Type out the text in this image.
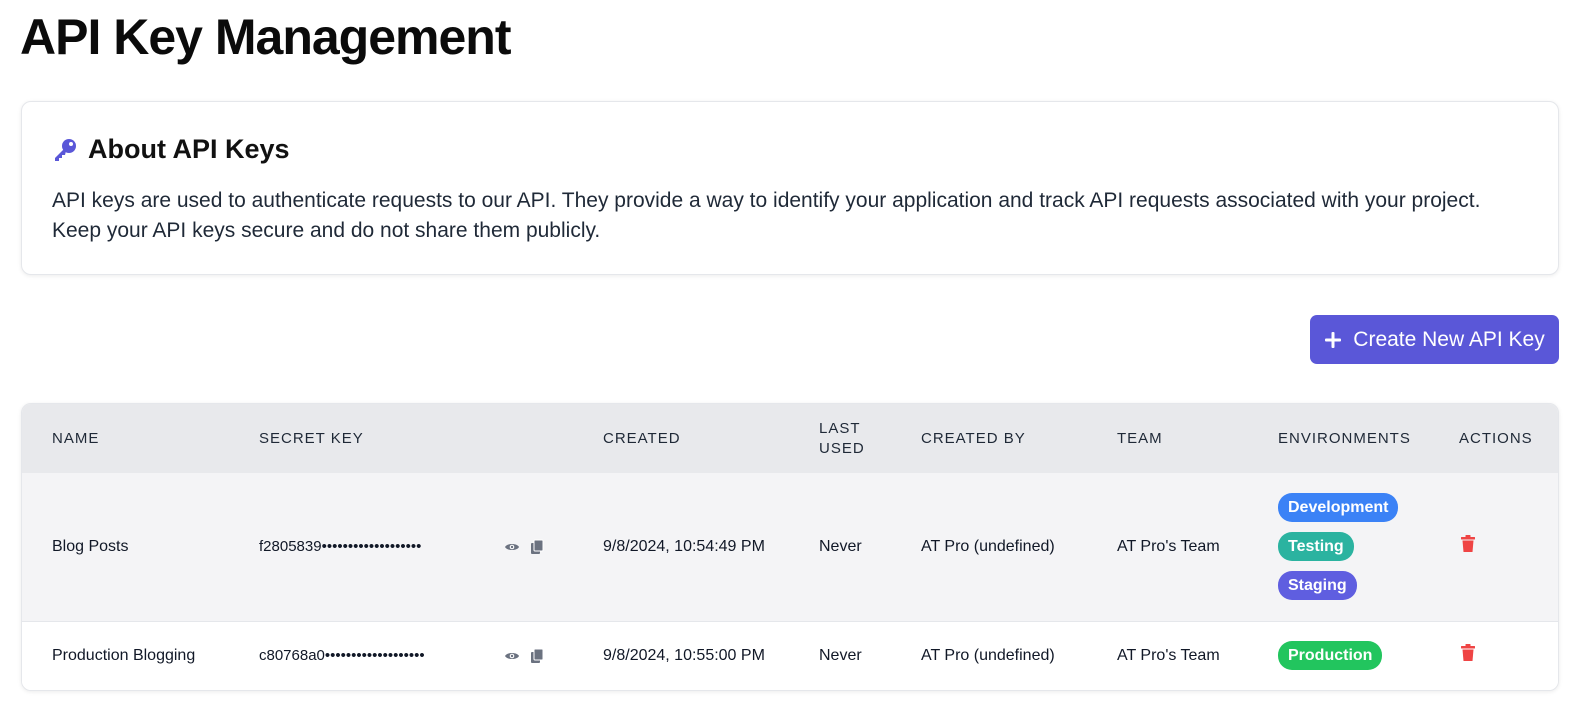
API Key Management
About API Keys

API keys are used to authenticate requests to our API. They provide a way to identify your application and track API requests associated with your project. Keep your API keys secure and do not share them publicly.

Create New API Key
NAME	SECRET KEY	CREATED	LAST USED	CREATED BY	TEAM	ENVIRONMENTS	ACTIONS
Blog Posts	f2805839•••••••••••••••••••	9/8/2024, 10:54:49 PM	Never	AT Pro (undefined)	AT Pro's Team	Development
Testing
Staging

Production Blogging	c80768a0•••••••••••••••••••	9/8/2024, 10:55:00 PM	Never	AT Pro (undefined)	AT Pro's Team	Production
